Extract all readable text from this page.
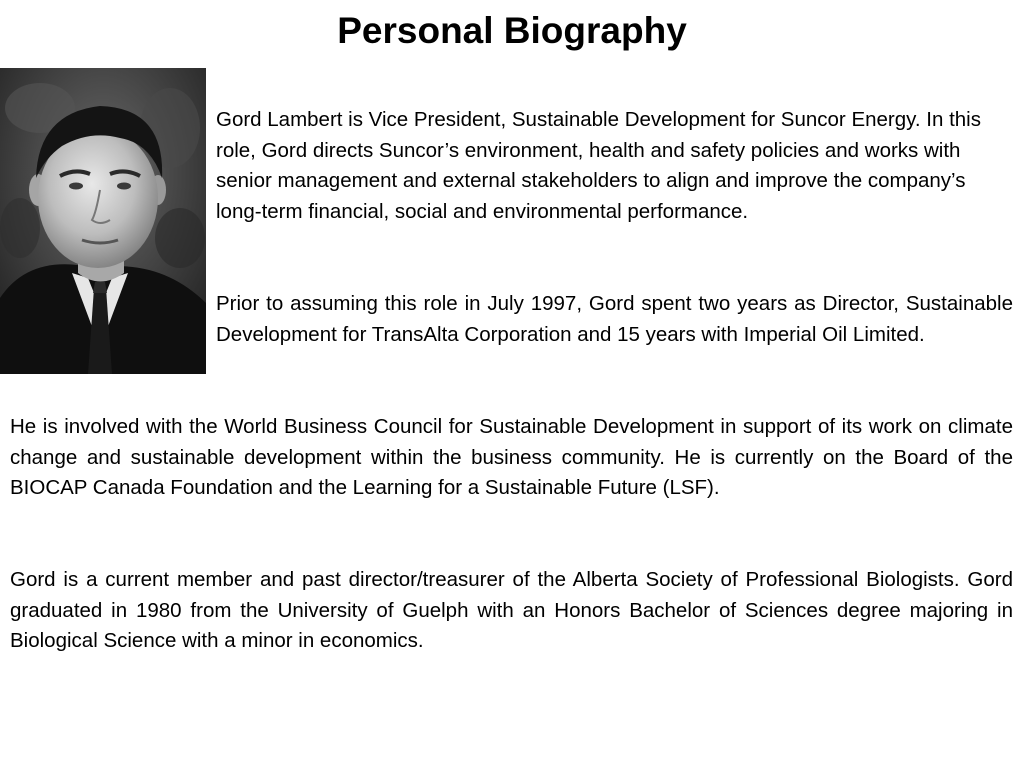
Personal Biography

Gord Lambert is Vice President, Sustainable Development for Suncor Energy. In this role, Gord directs Suncor’s environment, health and safety policies and works with senior management and external stakeholders to align and improve the company’s long-term financial, social and environmental performance.

Prior to assuming this role in July 1997, Gord spent two years as Director, Sustainable Development for TransAlta Corporation and 15 years with Imperial Oil Limited.

He is involved with the World Business Council for Sustainable Development in support of its work on climate change and sustainable development within the business community. He is currently on the Board of the BIOCAP Canada Foundation and the Learning for a Sustainable Future (LSF).

Gord is a current member and past director/treasurer of the Alberta Society of Professional Biologists. Gord graduated in 1980 from the University of Guelph with an Honors Bachelor of Sciences degree majoring in Biological Science with a minor in economics.
